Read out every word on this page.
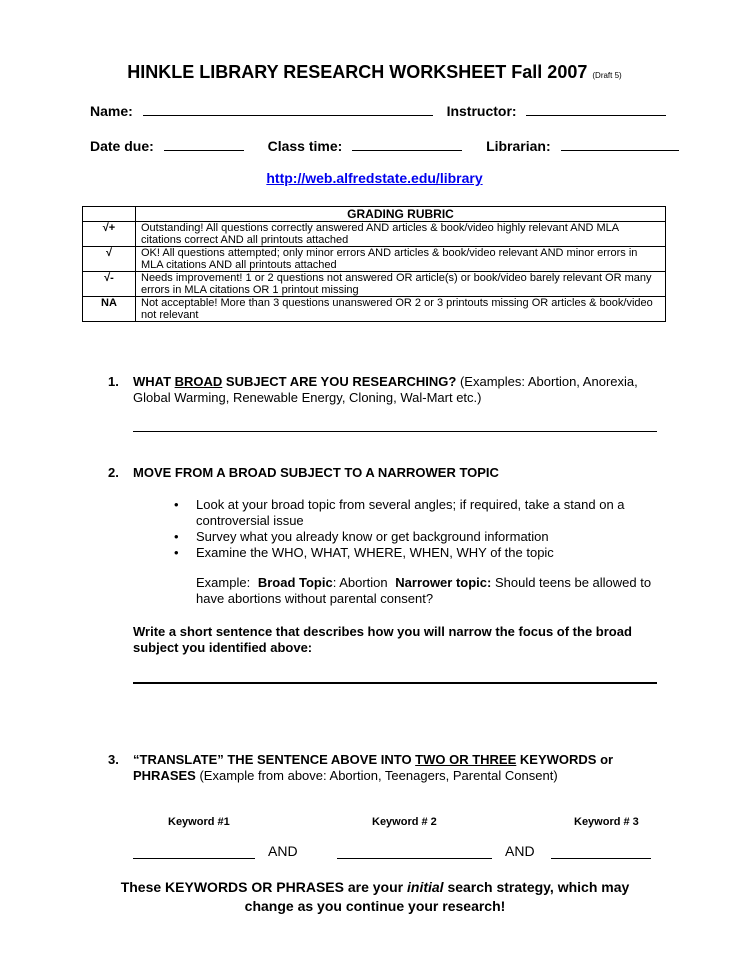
HINKLE LIBRARY RESEARCH WORKSHEET Fall 2007 (Draft 5)
Name:	Instructor:
Date due:	Class time:	Librarian:
http://web.alfredstate.edu/library
	GRADING RUBRIC
√+	Outstanding! All questions correctly answered AND articles & book/video highly relevant AND MLA citations correct AND all printouts attached
√	OK! All questions attempted; only minor errors AND articles & book/video relevant AND minor errors in MLA citations AND all printouts attached
√-	Needs improvement! 1 or 2 questions not answered OR article(s) or book/video barely relevant OR many errors in MLA citations OR 1 printout missing
NA	Not acceptable! More than 3 questions unanswered OR 2 or 3 printouts missing OR articles & book/video not relevant
1. WHAT BROAD SUBJECT ARE YOU RESEARCHING? (Examples: Abortion, Anorexia, Global Warming, Renewable Energy, Cloning, Wal-Mart etc.)
2. MOVE FROM A BROAD SUBJECT TO A NARROWER TOPIC
• Look at your broad topic from several angles; if required, take a stand on a controversial issue
• Survey what you already know or get background information
• Examine the WHO, WHAT, WHERE, WHEN, WHY of the topic
Example: Broad Topic: Abortion Narrower topic: Should teens be allowed to have abortions without parental consent?
Write a short sentence that describes how you will narrow the focus of the broad subject you identified above:
3. “TRANSLATE” THE SENTENCE ABOVE INTO TWO OR THREE KEYWORDS or PHRASES (Example from above: Abortion, Teenagers, Parental Consent)
Keyword #1	Keyword # 2	Keyword # 3
AND	AND
These KEYWORDS OR PHRASES are your initial search strategy, which may change as you continue your research!
